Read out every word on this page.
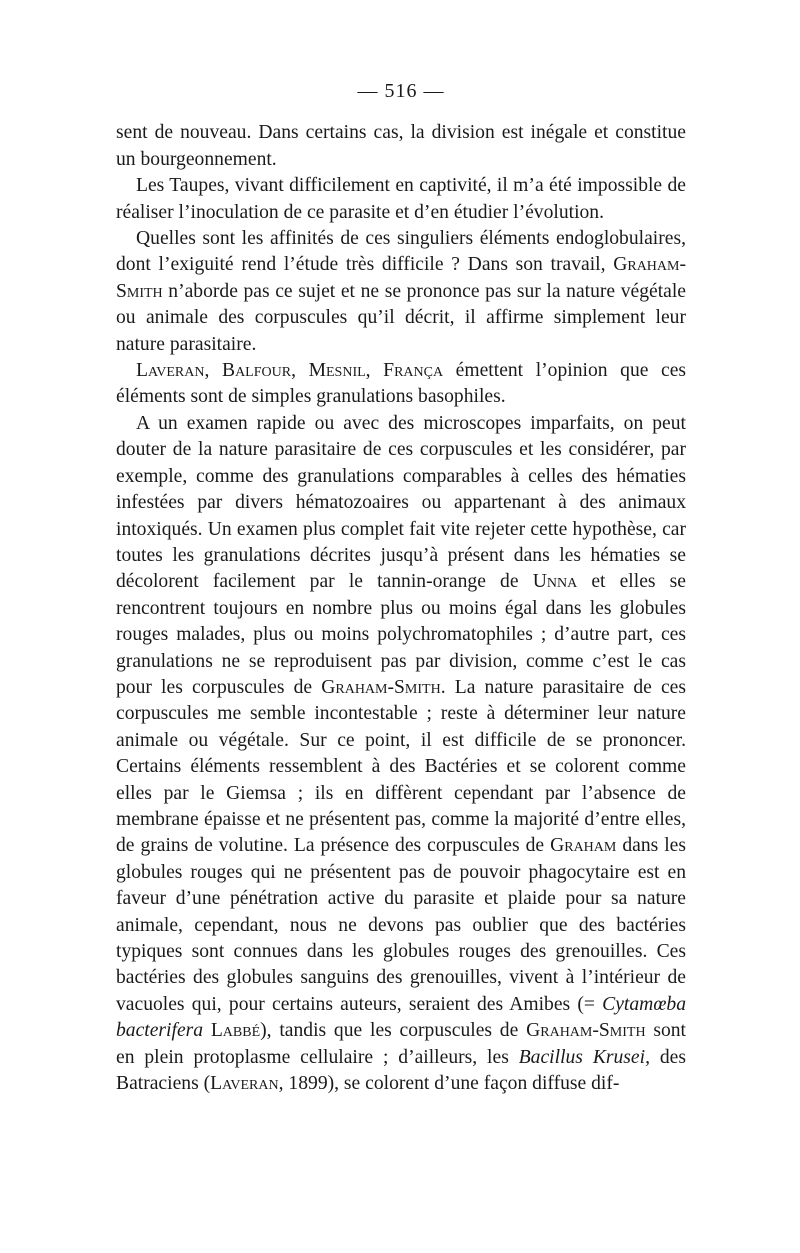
— 516 —

sent de nouveau. Dans certains cas, la division est inégale et constitue un bourgeonnement.

Les Taupes, vivant difficilement en captivité, il m’a été impossible de réaliser l’inoculation de ce parasite et d’en étudier l’évolution.

Quelles sont les affinités de ces singuliers éléments endoglobulaires, dont l’exiguité rend l’étude très difficile ? Dans son travail, Graham-Smith n’aborde pas ce sujet et ne se prononce pas sur la nature végétale ou animale des corpuscules qu’il décrit, il affirme simplement leur nature parasitaire.

Laveran, Balfour, Mesnil, França émettent l’opinion que ces éléments sont de simples granulations basophiles.

A un examen rapide ou avec des microscopes imparfaits, on peut douter de la nature parasitaire de ces corpuscules et les considérer, par exemple, comme des granulations comparables à celles des hématies infestées par divers hématozoaires ou appartenant à des animaux intoxiqués. Un examen plus complet fait vite rejeter cette hypothèse, car toutes les granulations décrites jusqu’à présent dans les hématies se décolorent facilement par le tannin-orange de Unna et elles se rencontrent toujours en nombre plus ou moins égal dans les globules rouges malades, plus ou moins polychromatophiles ; d’autre part, ces granulations ne se reproduisent pas par division, comme c’est le cas pour les corpuscules de Graham-Smith. La nature parasitaire de ces corpuscules me semble incontestable ; reste à déterminer leur nature animale ou végétale. Sur ce point, il est difficile de se prononcer. Certains éléments ressemblent à des Bactéries et se colorent comme elles par le Giemsa ; ils en diffèrent cependant par l’absence de membrane épaisse et ne présentent pas, comme la majorité d’entre elles, de grains de volutine. La présence des corpuscules de Graham dans les globules rouges qui ne présentent pas de pouvoir phagocytaire est en faveur d’une pénétration active du parasite et plaide pour sa nature animale, cependant, nous ne devons pas oublier que des bactéries typiques sont connues dans les globules rouges des grenouilles. Ces bactéries des globules sanguins des grenouilles, vivent à l’intérieur de vacuoles qui, pour certains auteurs, seraient des Amibes (= Cytamœba bacterifera Labbé), tandis que les corpuscules de Graham-Smith sont en plein protoplasme cellulaire ; d’ailleurs, les Bacillus Krusei, des Batraciens (Laveran, 1899), se colorent d’une façon diffuse dif-
